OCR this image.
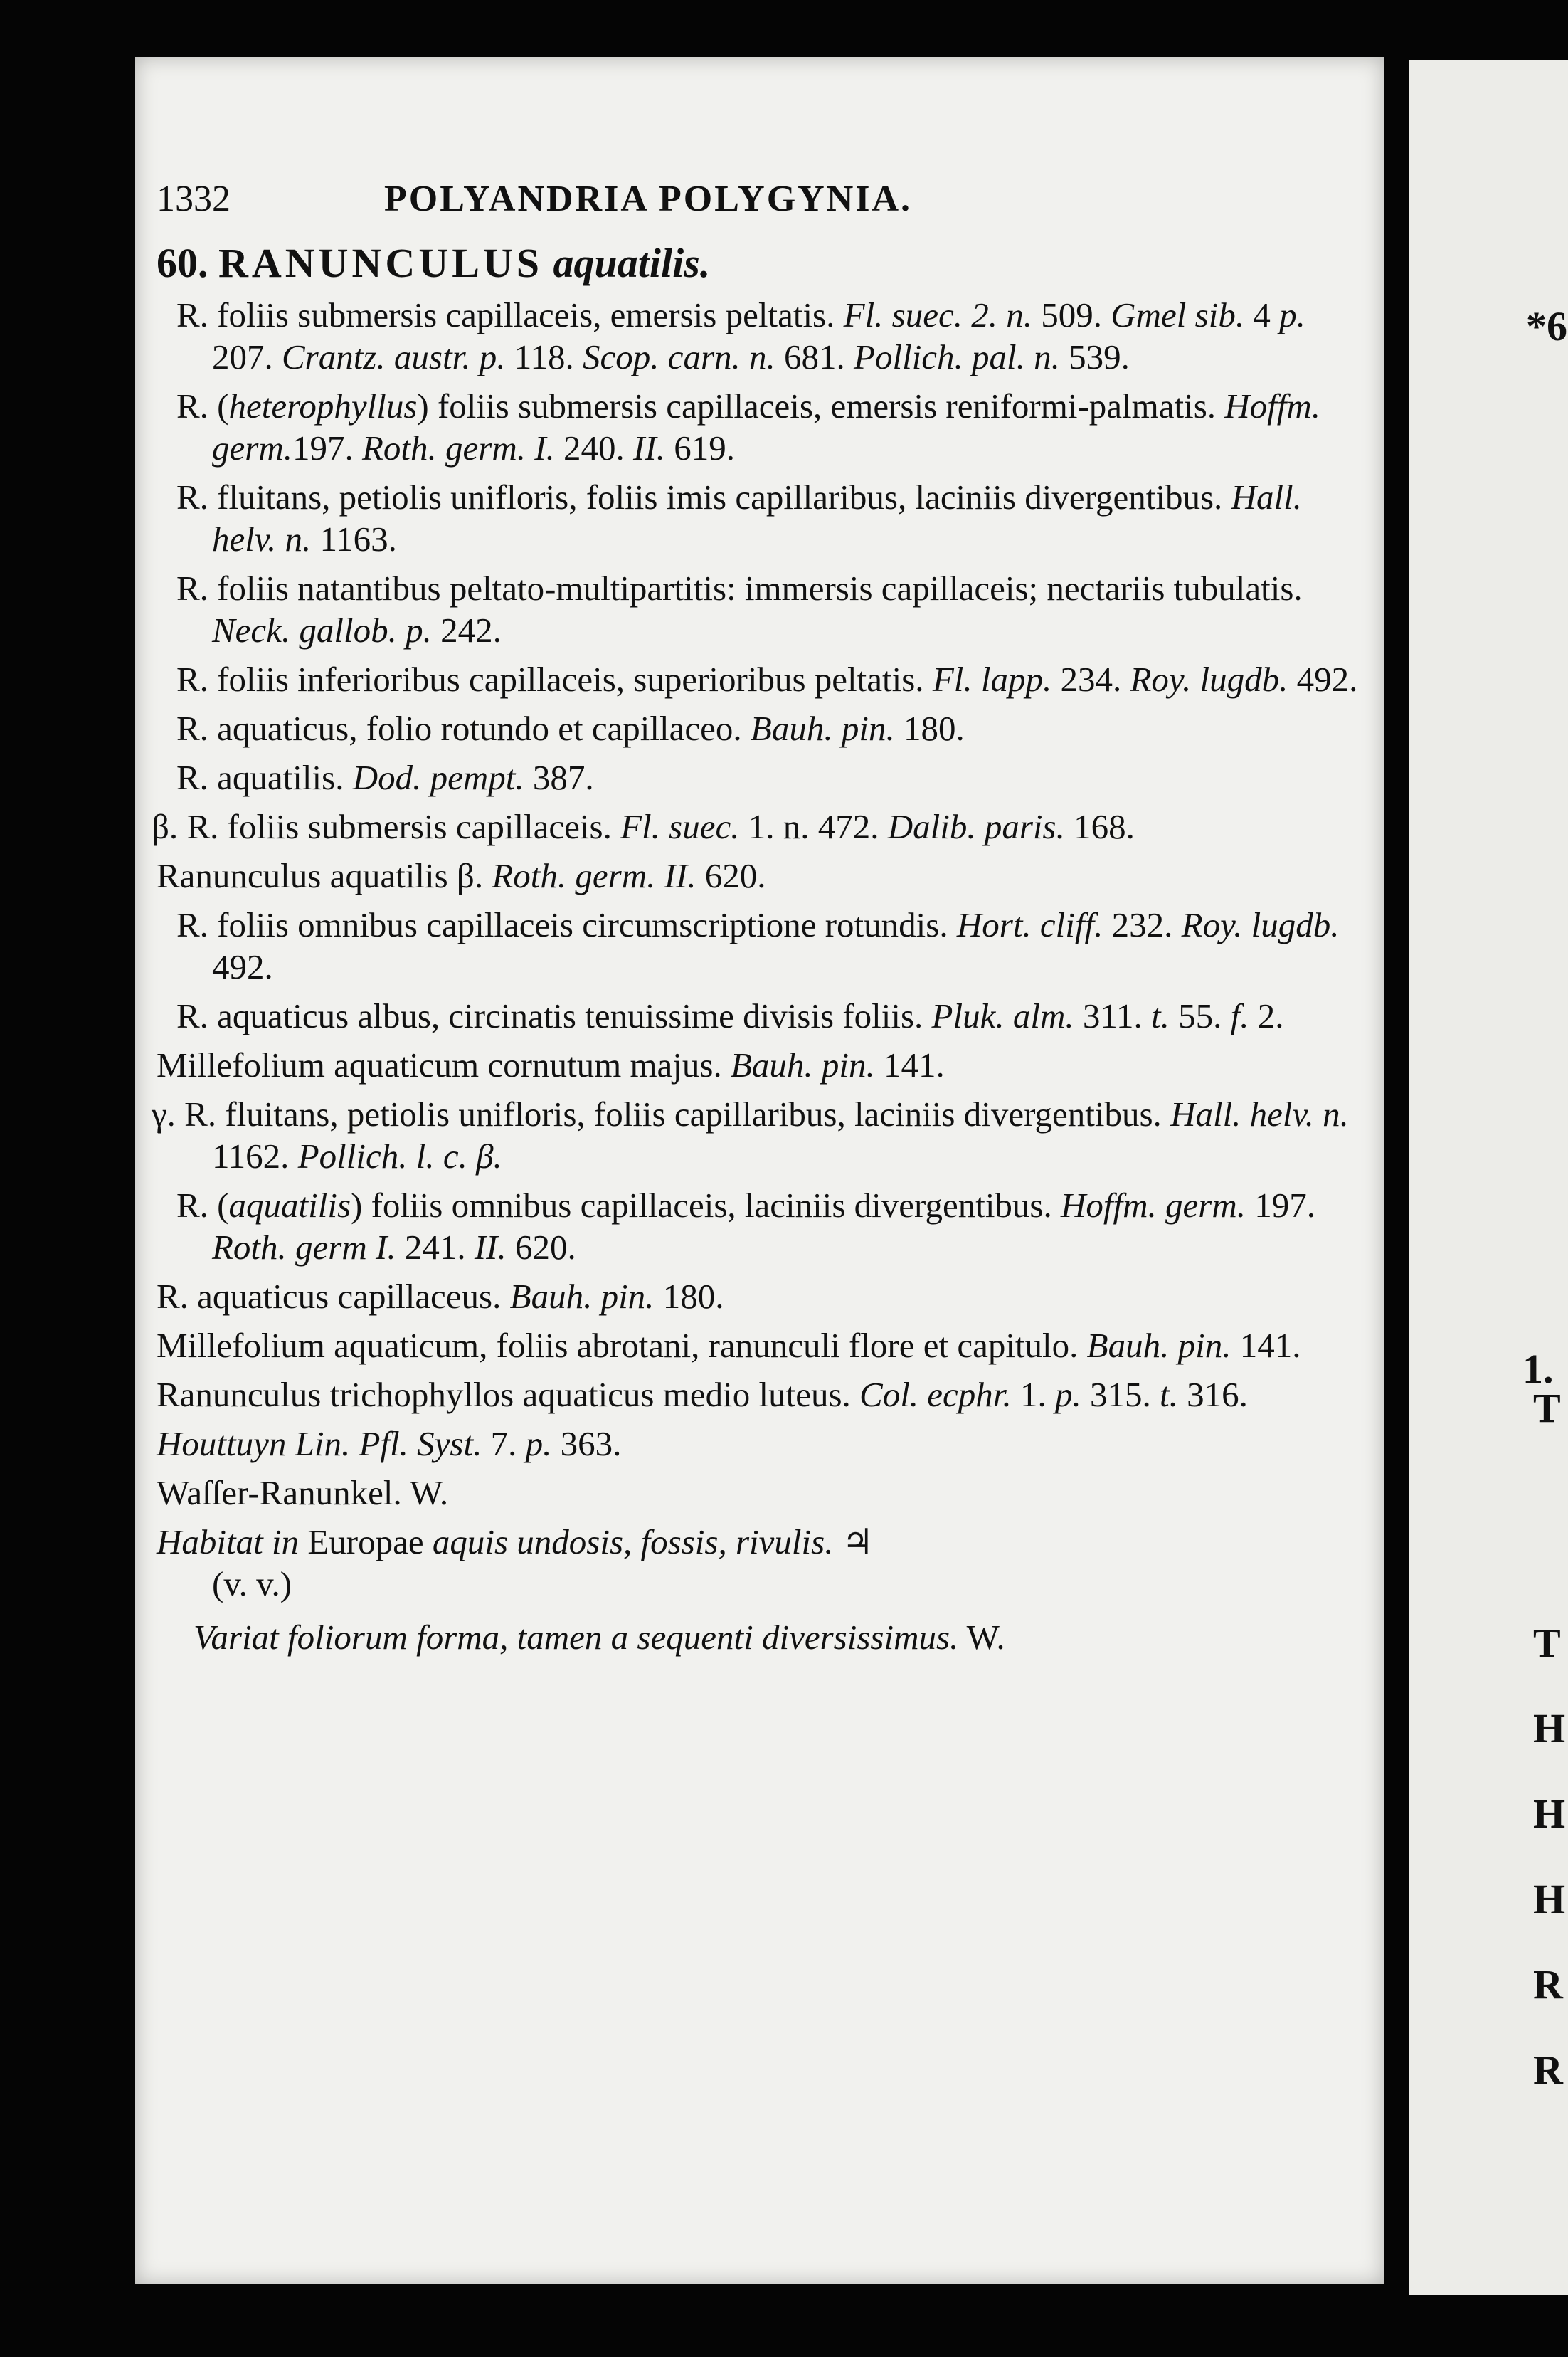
1332	POLYANDRIA POLYGYNIA.

60. RANUNCULUS aquatilis.

R. foliis submersis capillaceis, emersis peltatis. Fl. suec. 2. n. 509. Gmel sib. 4 p. 207. Crantz. austr. p. 118. Scop. carn. n. 681. Pollich. pal. n. 539.

R. (heterophyllus) foliis submersis capillaceis, emersis reniformi-palmatis. Hoffm. germ.197. Roth. germ. I. 240. II. 619.

R. fluitans, petiolis unifloris, foliis imis capillaribus, laciniis divergentibus. Hall. helv. n. 1163.

R. foliis natantibus peltato-multipartitis: immersis capillaceis; nectariis tubulatis. Neck. gallob. p. 242.

R. foliis inferioribus capillaceis, superioribus peltatis. Fl. lapp. 234. Roy. lugdb. 492.

R. aquaticus, folio rotundo et capillaceo. Bauh. pin. 180.

R. aquatilis. Dod. pempt. 387.

β. R. foliis submersis capillaceis. Fl. suec. 1. n. 472. Dalib. paris. 168.

Ranunculus aquatilis β. Roth. germ. II. 620.

R. foliis omnibus capillaceis circumscriptione rotundis. Hort. cliff. 232. Roy. lugdb. 492.

R. aquaticus albus, circinatis tenuissime divisis foliis. Pluk. alm. 311. t. 55. f. 2.

Millefolium aquaticum cornutum majus. Bauh. pin. 141.

γ. R. fluitans, petiolis unifloris, foliis capillaribus, laciniis divergentibus. Hall. helv. n. 1162. Pollich. l. c. β.

R. (aquatilis) foliis omnibus capillaceis, laciniis divergentibus. Hoffm. germ. 197. Roth. germ I. 241. II. 620.

R. aquaticus capillaceus. Bauh. pin. 180.

Millefolium aquaticum, foliis abrotani, ranunculi flore et capitulo. Bauh. pin. 141.

Ranunculus trichophyllos aquaticus medio luteus. Col. ecphr. 1. p. 315. t. 316.

Houttuyn Lin. Pfl. Syst. 7. p. 363.

Waſſer-Ranunkel. W.

Habitat in Europae aquis undosis, fossis, rivulis. ♃
(v. v.)

Variat foliorum forma, tamen a sequenti diversissimus. W.

*6

1.

T

T

H

H

H

R

R
